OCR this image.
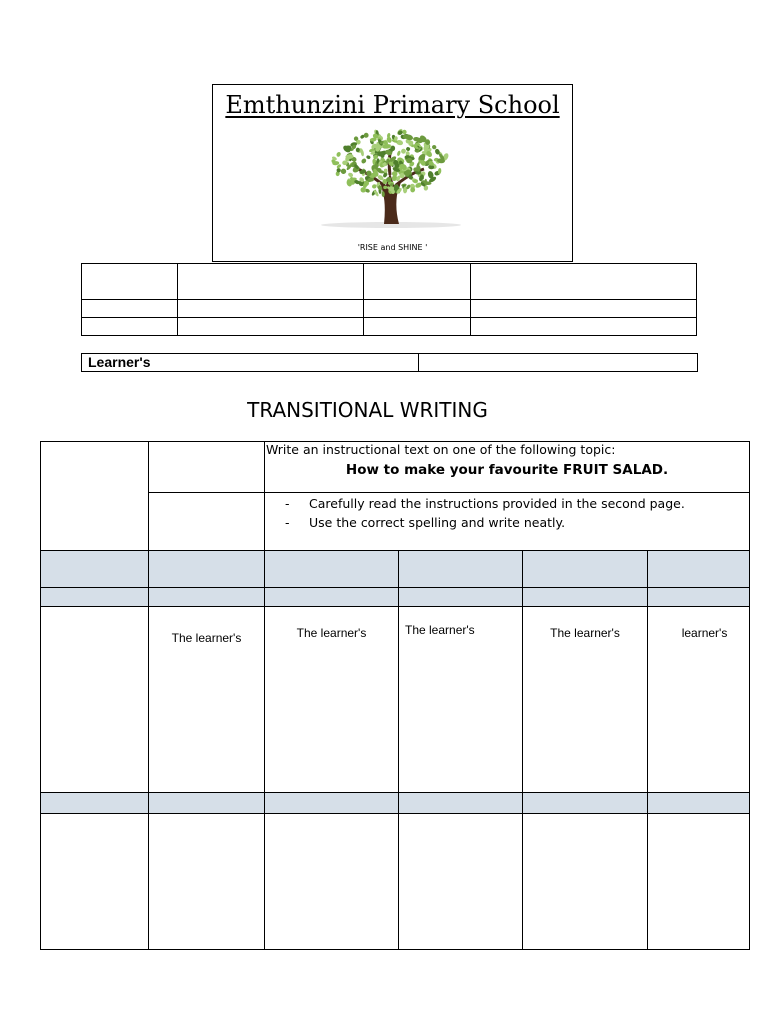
Emthunzini Primary School
'RISE and SHINE '

Learner's	
TRANSITIONAL WRITING

		Write an instructional text on one of the following topic:
How to make your favourite FRUIT SALAD.			

		- Carefully read the instructions provided in the second page.
- Use the correct spelling and write neatly.			

	The learner's	The learner's	The learner's	The learner's	learner's
